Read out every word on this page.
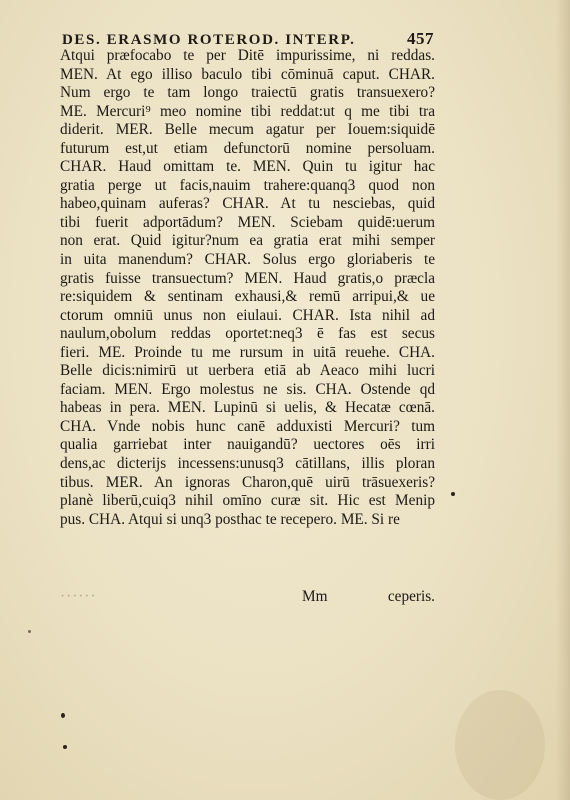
DES. ERASMO ROTEROD. INTERP.	457
Atqui præfocabo te per Ditē impurissime, ni reddas.
MEN. At ego illiso baculo tibi cōminuā caput. CHAR.
Num ergo te tam longo traiectū gratis transuexero?
ME. Mercuri⁹ meo nomine tibi reddat:ut q me tibi tra
diderit. MER. Belle mecum agatur per Iouem:siquidē
futurum est,ut etiam defunctorū nomine persoluam.
CHAR. Haud omittam te. MEN. Quin tu igitur hac
gratia perge ut facis,nauim trahere:quanq3 quod non
habeo,quinam auferas? CHAR. At tu nesciebas, quid
tibi fuerit adportādum? MEN. Sciebam quidē:uerum
non erat. Quid igitur?num ea gratia erat mihi semper
in uita manendum? CHAR. Solus ergo gloriaberis te
gratis fuisse transuectum? MEN. Haud gratis,o præcla
re:siquidem & sentinam exhausi,& remū arripui,& ue
ctorum omniū unus non eiulaui. CHAR. Ista nihil ad
naulum,obolum reddas oportet:neq3 ē fas est secus
fieri. ME. Proinde tu me rursum in uitā reuehe. CHA.
Belle dicis:nimirū ut uerbera etiā ab Aeaco mihi lucri
faciam. MEN. Ergo molestus ne sis. CHA. Ostende qd
habeas in pera. MEN. Lupinū si uelis, & Hecatæ cœnā.
CHA. Vnde nobis hunc canē adduxisti Mercuri? tum
qualia garriebat inter nauigandū? uectores oēs irri
dens,ac dicterijs incessens:unusq3 cātillans, illis ploran
tibus. MER. An ignoras Charon,quē uirū trāsuexeris?
planè liberū,cuiq3 nihil omīno curæ sit. Hic est Menip
pus. CHA. Atqui si unq3 posthac te recepero. ME. Si re
······	Mm	ceperis.
